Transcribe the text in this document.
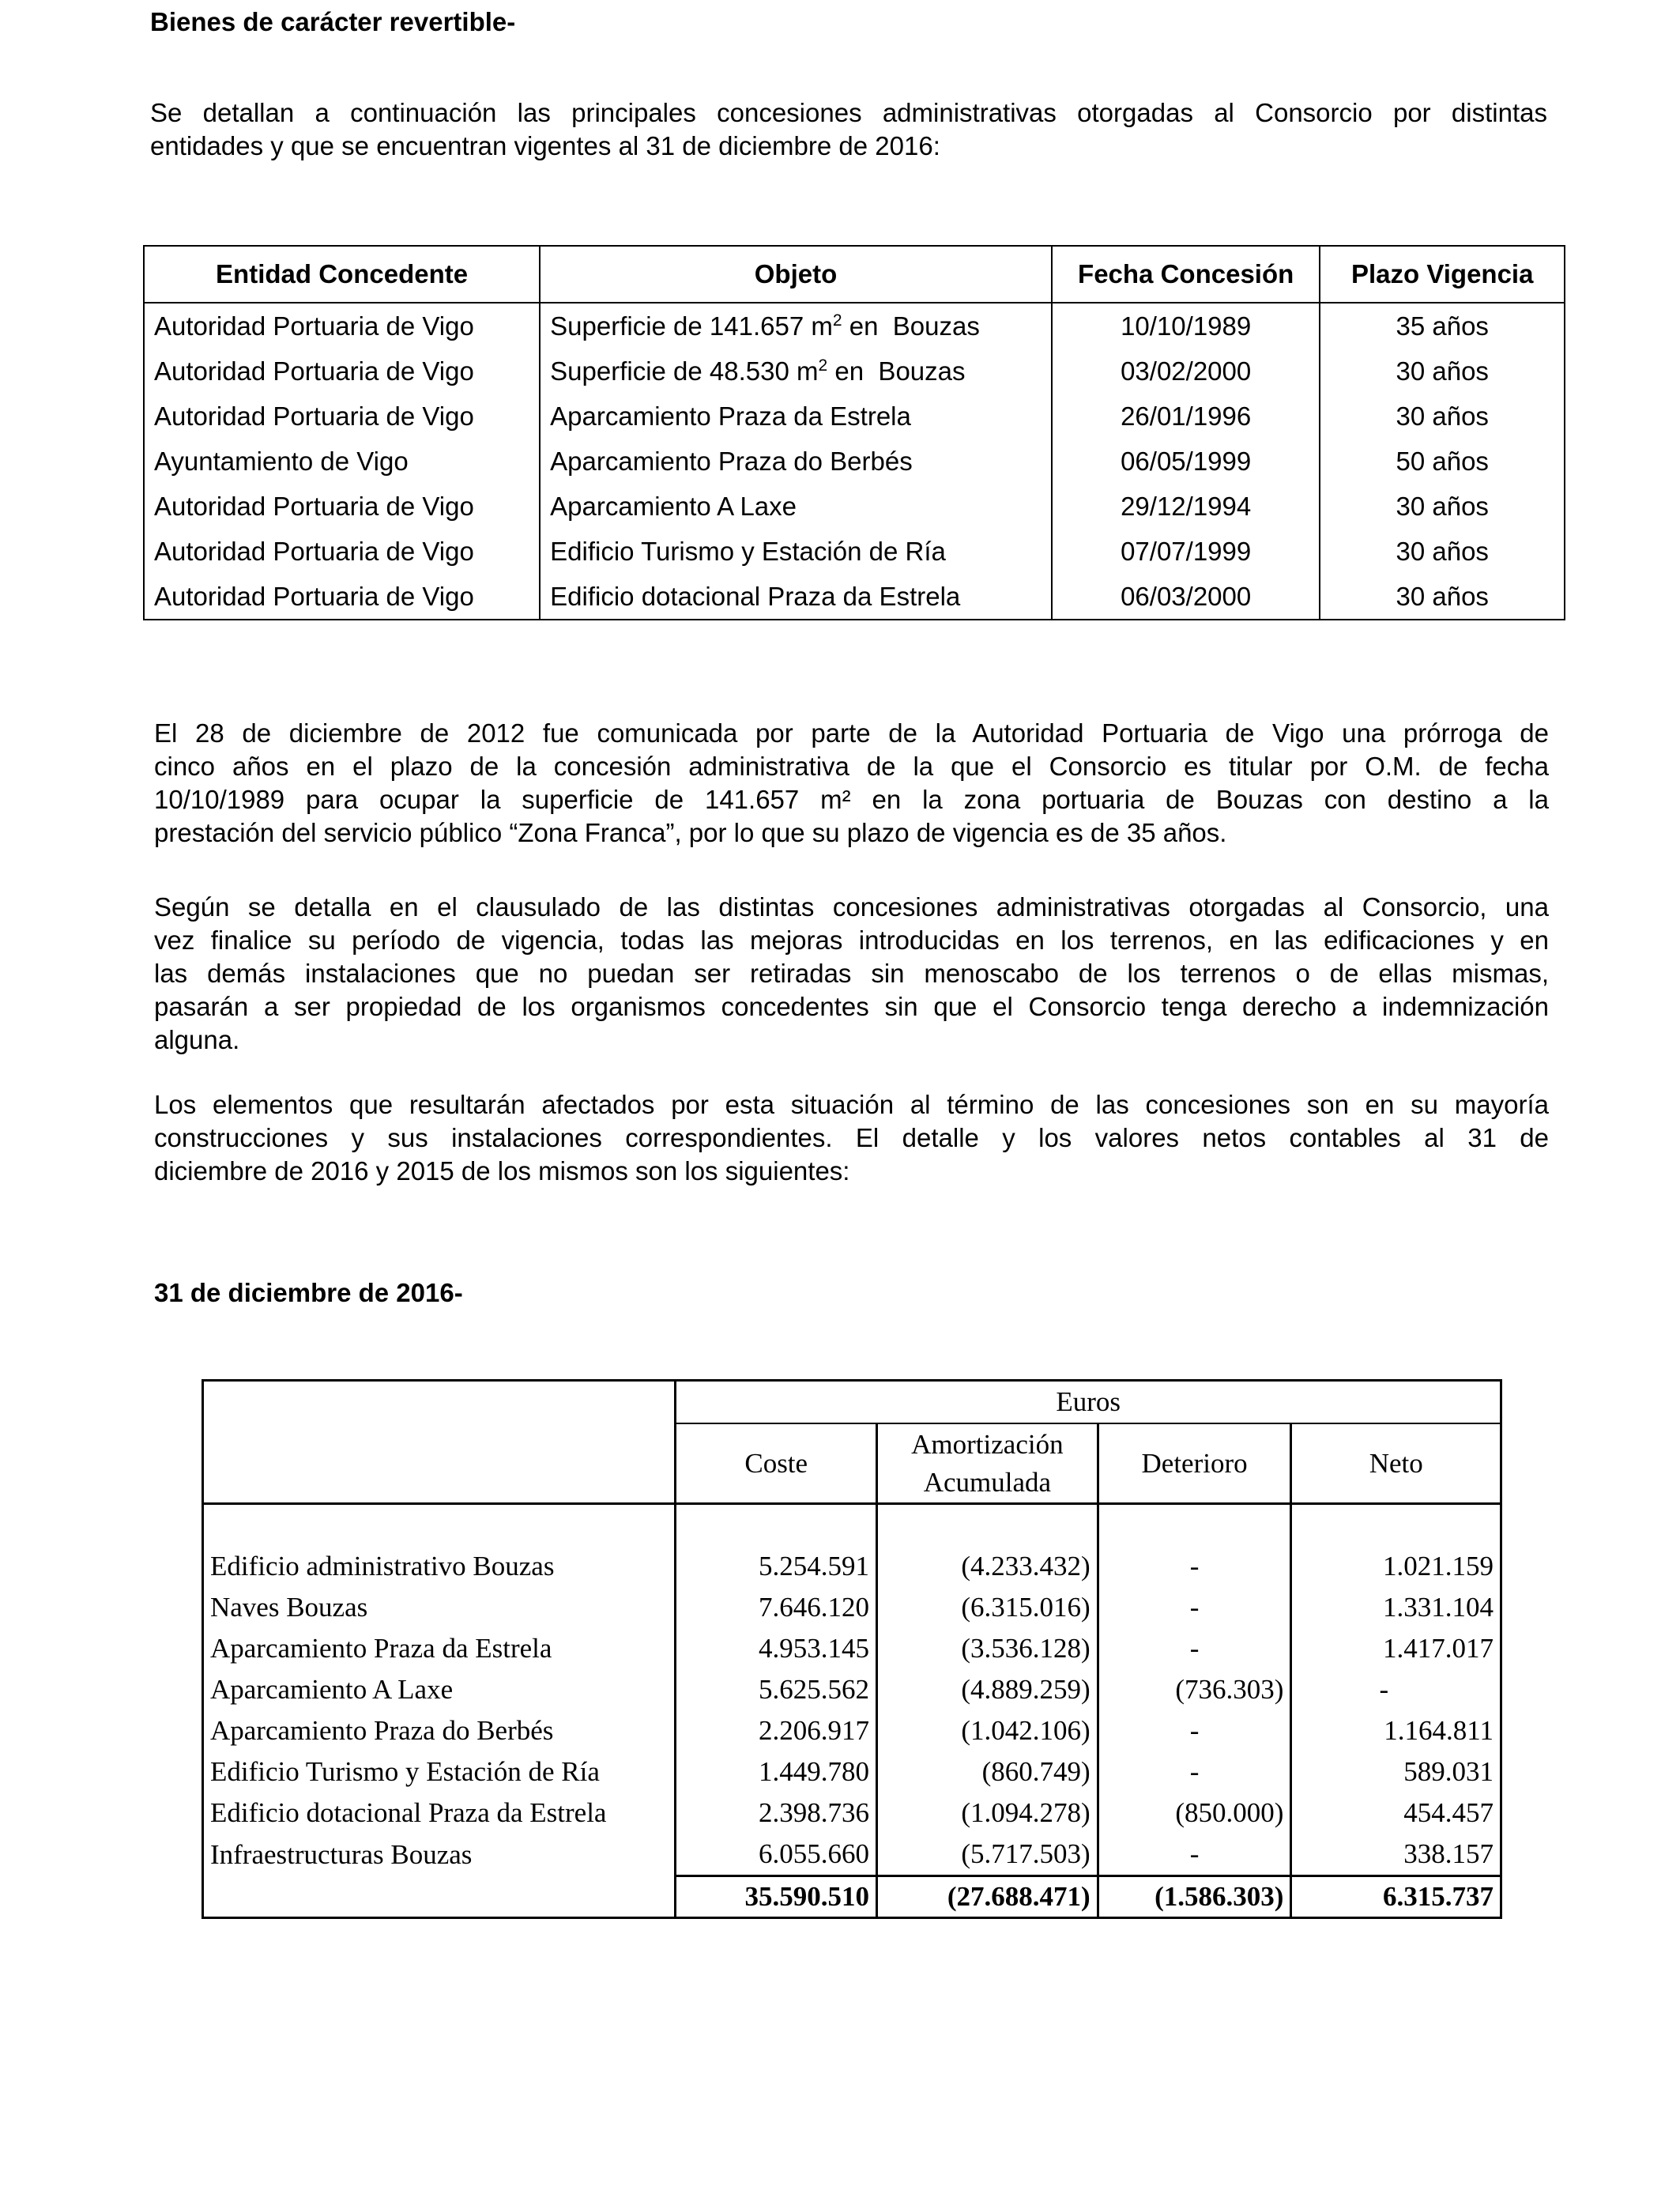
Bienes de carácter revertible-

Se detallan a continuación las principales concesiones administrativas otorgadas al Consorcio por distintas
entidades y que se encuentran vigentes al 31 de diciembre de 2016:

Entidad Concedente	Objeto	Fecha Concesión	Plazo Vigencia
Autoridad Portuaria de Vigo	Superficie de 141.657 $m^2$ en  Bouzas	10/10/1989	35 años
Autoridad Portuaria de Vigo	Superficie de 48.530 $m^2$ en  Bouzas	03/02/2000	30 años
Autoridad Portuaria de Vigo	Aparcamiento Praza da Estrela	26/01/1996	30 años
Ayuntamiento de Vigo	Aparcamiento Praza do Berbés	06/05/1999	50 años
Autoridad Portuaria de Vigo	Aparcamiento A Laxe	29/12/1994	30 años
Autoridad Portuaria de Vigo	Edificio Turismo y Estación de Ría	07/07/1999	30 años
Autoridad Portuaria de Vigo	Edificio dotacional Praza da Estrela	06/03/2000	30 años

El 28 de diciembre de 2012 fue comunicada por parte de la Autoridad Portuaria de Vigo una prórroga de
cinco años en el plazo de la concesión administrativa de la que el Consorcio es titular por O.M. de fecha
10/10/1989 para ocupar la superficie de 141.657 m² en la zona portuaria de Bouzas con destino a la
prestación del servicio público “Zona Franca”, por lo que su plazo de vigencia es de 35 años.

Según se detalla en el clausulado de las distintas concesiones administrativas otorgadas al Consorcio, una
vez finalice su período de vigencia, todas las mejoras introducidas en los terrenos, en las edificaciones y en
las demás instalaciones que no puedan ser retiradas sin menoscabo de los terrenos o de ellas mismas,
pasarán a ser propiedad de los organismos concedentes sin que el Consorcio tenga derecho a indemnización
alguna.

Los elementos que resultarán afectados por esta situación al término de las concesiones son en su mayoría
construcciones y sus instalaciones correspondientes. El detalle y los valores netos contables al 31 de
diciembre de 2016 y 2015 de los mismos son los siguientes:

31 de diciembre de 2016-
	Euros			
	Coste	Amortización
Acumulada	Deterioro	Neto

Edificio administrativo Bouzas	5.254.591	(4.233.432)	-	1.021.159
Naves Bouzas	7.646.120	(6.315.016)	-	1.331.104
Aparcamiento Praza da Estrela	4.953.145	(3.536.128)	-	1.417.017
Aparcamiento A Laxe	5.625.562	(4.889.259)	(736.303)	-
Aparcamiento Praza do Berbés	2.206.917	(1.042.106)	-	1.164.811
Edificio Turismo y Estación de Ría	1.449.780	(860.749)	-	589.031
Edificio dotacional Praza da Estrela	2.398.736	(1.094.278)	(850.000)	454.457
Infraestructuras Bouzas	6.055.660	(5.717.503)	-	338.157
	35.590.510	(27.688.471)	(1.586.303)	6.315.737
